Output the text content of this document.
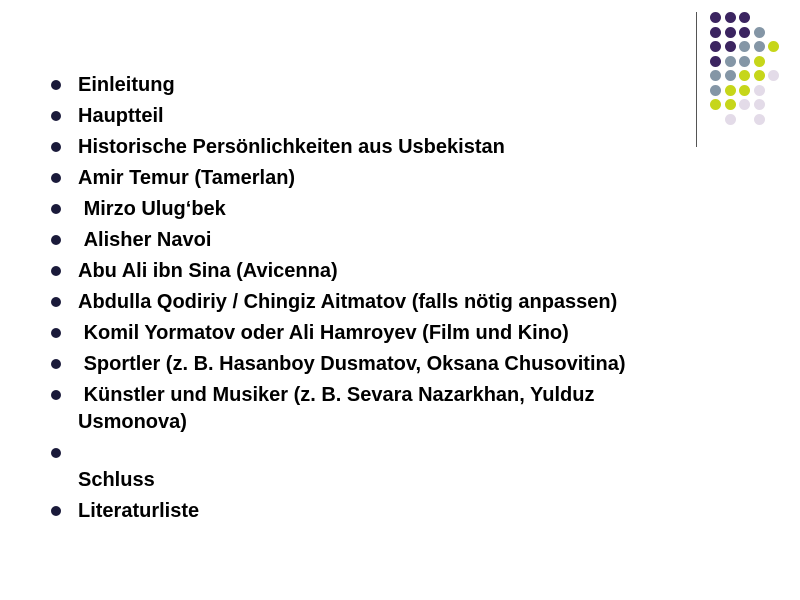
Einleitung
Hauptteil
Historische Persönlichkeiten aus Usbekistan
Amir Temur (Tamerlan)
Mirzo Ulug‘bek
Alisher Navoi
Abu Ali ibn Sina (Avicenna)
Abdulla Qodiriy / Chingiz Aitmatov (falls nötig anpassen)
Komil Yormatov oder Ali Hamroyev (Film und Kino)
Sportler (z. B. Hasanboy Dusmatov, Oksana Chusovitina)
Künstler und Musiker (z. B. Sevara Nazarkhan, Yulduz Usmonova)

Schluss
Literaturliste
